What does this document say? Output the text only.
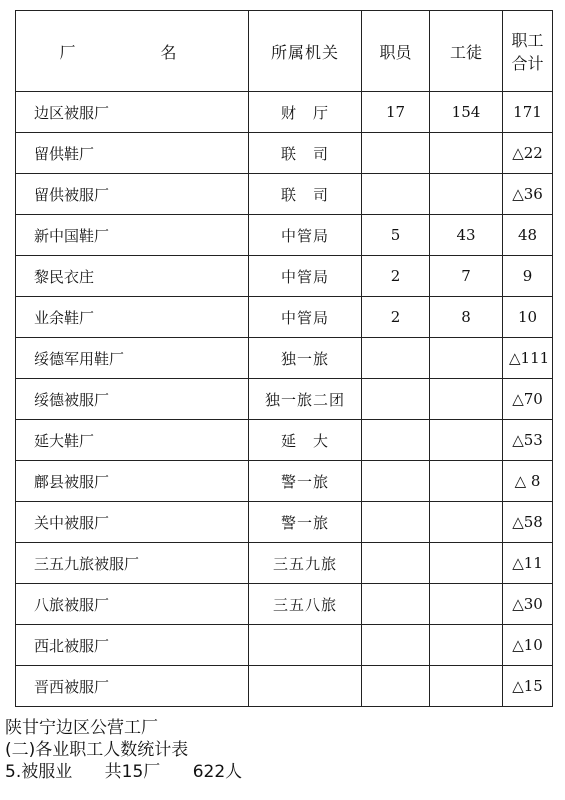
厂 名	所属机关	职员	工徒	职工合计
边区被服厂	财　厅	17	154	171
留供鞋厂	联　司			△22
留供被服厂	联　司			△36
新中国鞋厂	中管局	5	43	48
黎民衣庄	中管局	2	7	9
业余鞋厂	中管局	2	8	10
绥德军用鞋厂	独一旅			△111
绥德被服厂	独一旅二团			△70
延大鞋厂	延　大			△53
鄜县被服厂	警一旅			△ 8
关中被服厂	警一旅			△58
三五九旅被服厂	三五九旅			△11
八旅被服厂	三五八旅			△30
西北被服厂				△10
晋西被服厂				△15
陕甘宁边区公营工厂
(二)各业职工人数统计表
5.被服业      共15厂      622人
